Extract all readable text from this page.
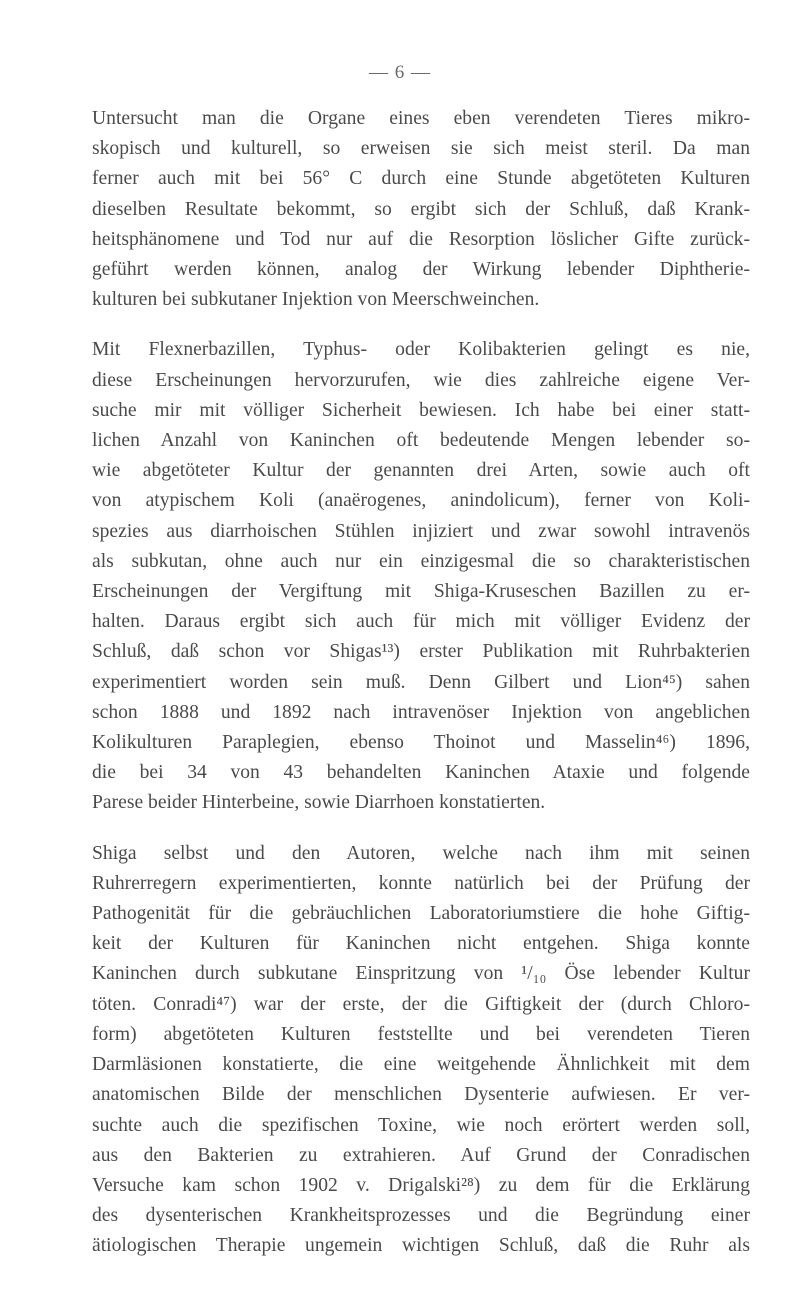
— 6 —

Untersucht man die Organe eines eben verendeten Tieres mikro-
skopisch und kulturell, so erweisen sie sich meist steril. Da man
ferner auch mit bei 56° C durch eine Stunde abgetöteten Kulturen
dieselben Resultate bekommt, so ergibt sich der Schluß, daß Krank-
heitsphänomene und Tod nur auf die Resorption löslicher Gifte zurück-
geführt werden können, analog der Wirkung lebender Diphtherie-
kulturen bei subkutaner Injektion von Meerschweinchen.

Mit Flexnerbazillen, Typhus- oder Kolibakterien gelingt es nie,
diese Erscheinungen hervorzurufen, wie dies zahlreiche eigene Ver-
suche mir mit völliger Sicherheit bewiesen. Ich habe bei einer statt-
lichen Anzahl von Kaninchen oft bedeutende Mengen lebender so-
wie abgetöteter Kultur der genannten drei Arten, sowie auch oft
von atypischem Koli (anaërogenes, anindolicum), ferner von Koli-
spezies aus diarrhoischen Stühlen injiziert und zwar sowohl intravenös
als subkutan, ohne auch nur ein einzigesmal die so charakteristischen
Erscheinungen der Vergiftung mit Shiga-Kruseschen Bazillen zu er-
halten. Daraus ergibt sich auch für mich mit völliger Evidenz der
Schluß, daß schon vor Shigas¹³) erster Publikation mit Ruhrbakterien
experimentiert worden sein muß. Denn Gilbert und Lion⁴⁵) sahen
schon 1888 und 1892 nach intravenöser Injektion von angeblichen
Kolikulturen Paraplegien, ebenso Thoinot und Masselin⁴⁶) 1896,
die bei 34 von 43 behandelten Kaninchen Ataxie und folgende
Parese beider Hinterbeine, sowie Diarrhoen konstatierten.

Shiga selbst und den Autoren, welche nach ihm mit seinen
Ruhrerregern experimentierten, konnte natürlich bei der Prüfung der
Pathogenität für die gebräuchlichen Laboratoriumstiere die hohe Giftig-
keit der Kulturen für Kaninchen nicht entgehen. Shiga konnte
Kaninchen durch subkutane Einspritzung von ¹/₁₀ Öse lebender Kultur
töten. Conradi⁴⁷) war der erste, der die Giftigkeit der (durch Chloro-
form) abgetöteten Kulturen feststellte und bei verendeten Tieren
Darmläsionen konstatierte, die eine weitgehende Ähnlichkeit mit dem
anatomischen Bilde der menschlichen Dysenterie aufwiesen. Er ver-
suchte auch die spezifischen Toxine, wie noch erörtert werden soll,
aus den Bakterien zu extrahieren. Auf Grund der Conradischen
Versuche kam schon 1902 v. Drigalski²⁸) zu dem für die Erklärung
des dysenterischen Krankheitsprozesses und die Begründung einer
ätiologischen Therapie ungemein wichtigen Schluß, daß die Ruhr als
